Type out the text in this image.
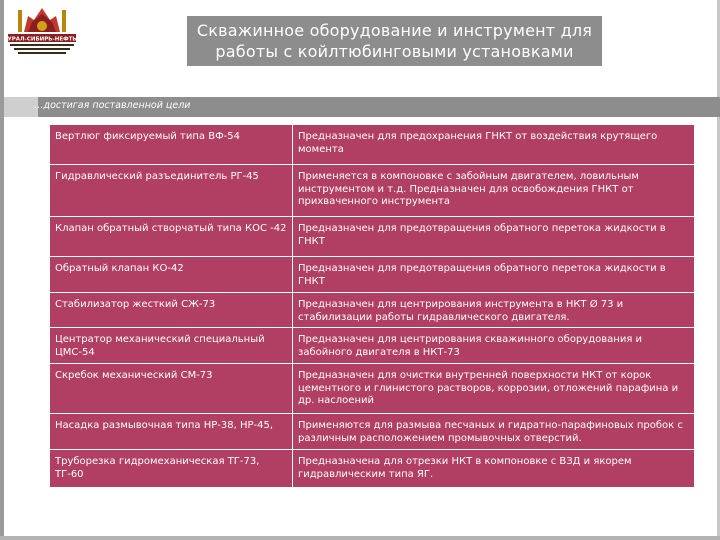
УРАЛ-СИБИРЬ-НЕФТЬ	Скважинное оборудование и инструмент для
работы с койлтюбинговыми установками
…достигая поставленной цели
Вертлюг фиксируемый типа ВФ-54	Предназначен для предохранения ГНКТ от воздействия крутящего момента
Гидравлический разъединитель РГ-45	Применяется в компоновке с забойным двигателем, ловильным инструментом и т.д. Предназначен для освобождения ГНКТ от прихваченного инструмента
Клапан обратный створчатый типа КОС -42	Предназначен для предотвращения обратного перетока жидкости в ГНКТ
Обратный клапан КО-42	Предназначен для предотвращения обратного перетока жидкости в ГНКТ
Стабилизатор жесткий СЖ-73	Предназначен для центрирования инструмента в НКТ Ø 73 и стабилизации работы гидравлического двигателя.
Центратор механический специальный ЦМС-54	Предназначен для центрирования скважинного оборудования и забойного двигателя в НКТ-73
Скребок механический СМ-73	Предназначен для очистки внутренней поверхности НКТ от корок цементного и глинистого растворов, коррозии, отложений парафина и др. наслоений
Насадка размывочная типа НР-38, НР-45,	Применяются для размыва песчаных и гидратно-парафиновых пробок с различным расположением промывочных отверстий.
Труборезка гидромеханическая ТГ-73, ТГ-60	Предназначена для отрезки НКТ в компоновке с ВЗД и якорем гидравлическим типа ЯГ.
